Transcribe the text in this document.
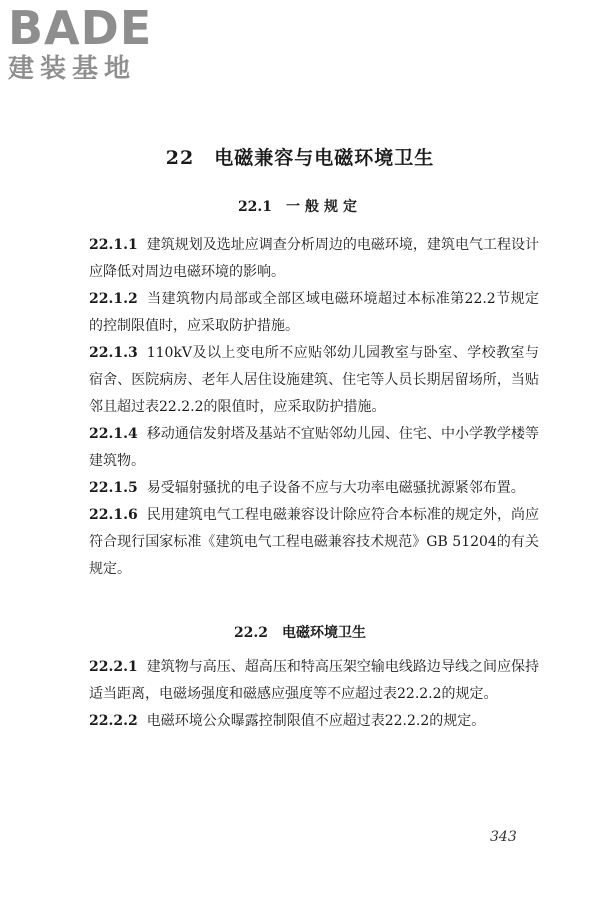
BADE
建装基地
22　电磁兼容与电磁环境卫生
22.1 一般规定

22.1.1 建筑规划及选址应调查分析周边的电磁环境，建筑电气工程设计应降低对周边电磁环境的影响。

22.1.2 当建筑物内局部或全部区域电磁环境超过本标准第22.2节规定的控制限值时，应采取防护措施。

22.1.3 110kV及以上变电所不应贴邻幼儿园教室与卧室、学校教室与宿舍、医院病房、老年人居住设施建筑、住宅等人员长期居留场所，当贴邻且超过表22.2.2的限值时，应采取防护措施。

22.1.4 移动通信发射塔及基站不宜贴邻幼儿园、住宅、中小学教学楼等建筑物。

22.1.5 易受辐射骚扰的电子设备不应与大功率电磁骚扰源紧邻布置。

22.1.6 民用建筑电气工程电磁兼容设计除应符合本标准的规定外，尚应符合现行国家标准《建筑电气工程电磁兼容技术规范》GB 51204的有关规定。

22.2 电磁环境卫生

22.2.1 建筑物与高压、超高压和特高压架空输电线路边导线之间应保持适当距离，电磁场强度和磁感应强度等不应超过表22.2.2的规定。

22.2.2 电磁环境公众曝露控制限值不应超过表22.2.2的规定。

343
